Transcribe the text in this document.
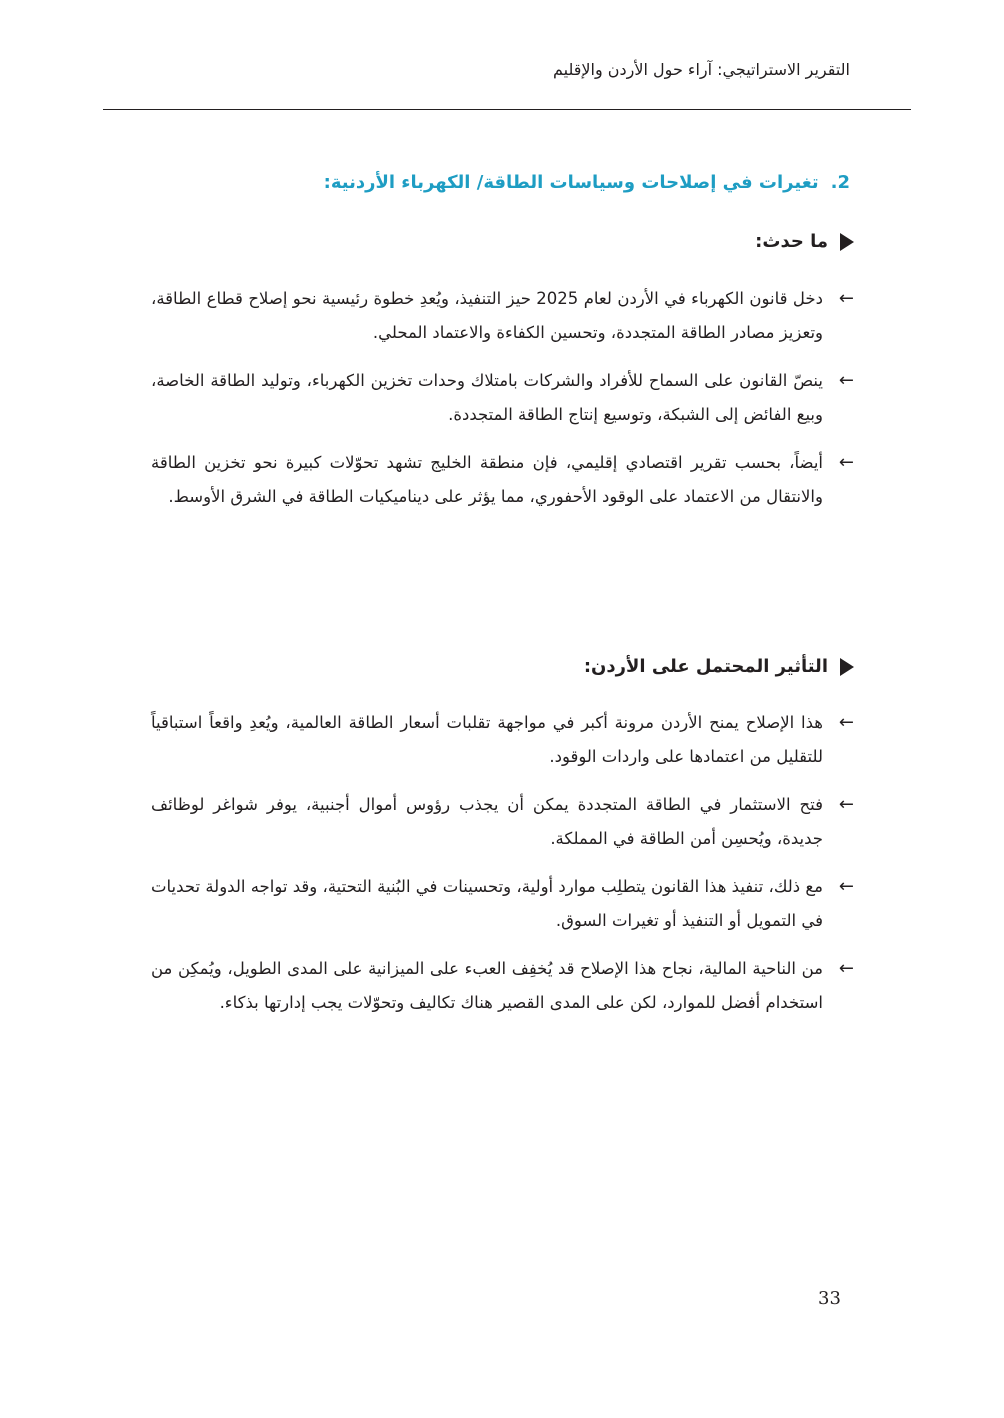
التقرير الاستراتيجي: آراء حول الأردن والإقليم
2.تغيرات في إصلاحات وسياسات الطاقة/ الكهرباء الأردنية:
ما حدث:
←
دخل قانون الكهرباء في الأردن لعام 2025 حيز التنفيذ، ويُعدِ خطوة رئيسية نحو إصلاح قطاع الطاقة، وتعزيز مصادر الطاقة المتجددة، وتحسين الكفاءة والاعتماد المحلي.
←
ينصّ القانون على السماح للأفراد والشركات بامتلاك وحدات تخزين الكهرباء، وتوليد الطاقة الخاصة، وبيع الفائض إلى الشبكة، وتوسيع إنتاج الطاقة المتجددة.
←
أيضاً، بحسب تقرير اقتصادي إقليمي، فإن منطقة الخليج تشهد تحوّلات كبيرة نحو تخزين الطاقة والانتقال من الاعتماد على الوقود الأحفوري، مما يؤثر على ديناميكيات الطاقة في الشرق الأوسط.
التأثير المحتمل على الأردن:
←
هذا الإصلاح يمنح الأردن مرونة أكبر في مواجهة تقلبات أسعار الطاقة العالمية، ويُعدِ واقعاً استباقياً للتقليل من اعتمادها على واردات الوقود.
←
فتح الاستثمار في الطاقة المتجددة يمكن أن يجذب رؤوس أموال أجنبية، يوفر شواغر لوظائف جديدة، ويُحسِن أمن الطاقة في المملكة.
←
مع ذلك، تنفيذ هذا القانون يتطلِب موارد أولية، وتحسينات في البُنية التحتية، وقد تواجه الدولة تحديات في التمويل أو التنفيذ أو تغيرات السوق.
←
من الناحية المالية، نجاح هذا الإصلاح قد يُخفِف العبء على الميزانية على المدى الطويل، ويُمكِن من استخدام أفضل للموارد، لكن على المدى القصير هناك تكاليف وتحوّلات يجب إدارتها بذكاء.
33
